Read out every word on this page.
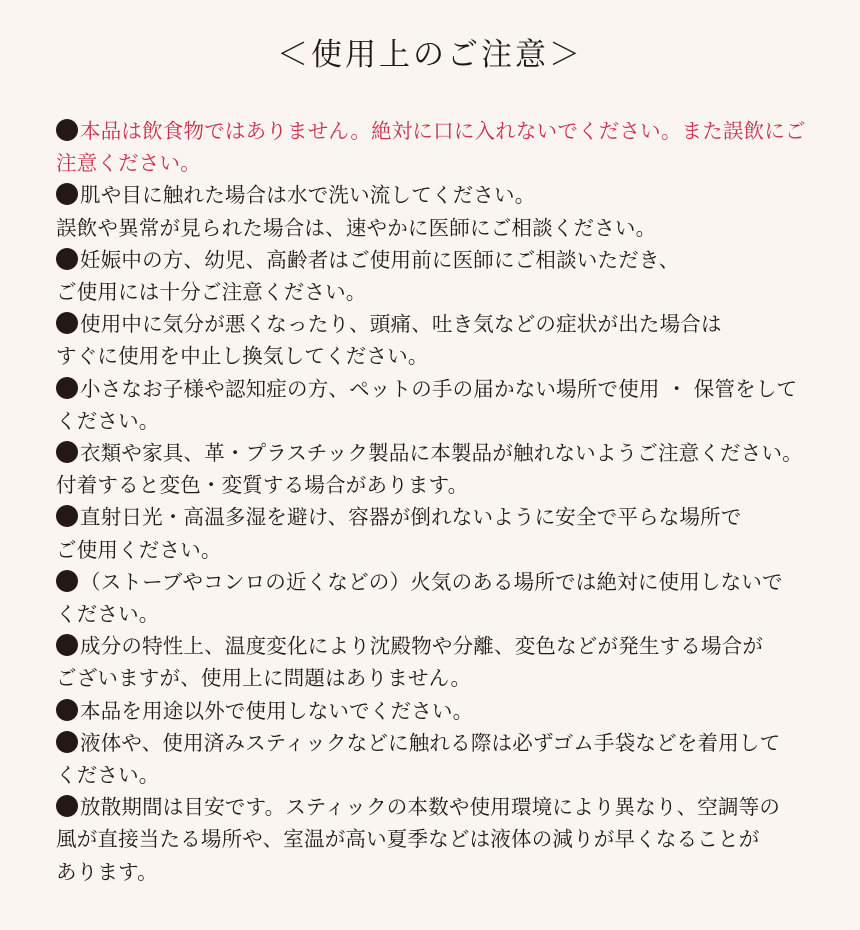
＜使用上のご注意＞
本品は飲食物ではありません。絶対に口に入れないでください。また誤飲にご
注意ください。
肌や目に触れた場合は水で洗い流してください。
誤飲や異常が見られた場合は、速やかに医師にご相談ください。
妊娠中の方、幼児、高齢者はご使用前に医師にご相談いただき、
ご使用には十分ご注意ください。
使用中に気分が悪くなったり、頭痛、吐き気などの症状が出た場合は
すぐに使用を中止し換気してください。
小さなお子様や認知症の方、ペットの手の届かない場所で使用 ・ 保管をして
ください。
衣類や家具、革・プラスチック製品に本製品が触れないようご注意ください。
付着すると変色・変質する場合があります。
直射日光・高温多湿を避け、容器が倒れないように安全で平らな場所で
ご使用ください。
（ストーブやコンロの近くなどの）火気のある場所では絶対に使用しないで
ください。
成分の特性上、温度変化により沈殿物や分離、変色などが発生する場合が
ございますが、使用上に問題はありません。
本品を用途以外で使用しないでください。
液体や、使用済みスティックなどに触れる際は必ずゴム手袋などを着用して
ください。
放散期間は目安です。スティックの本数や使用環境により異なり、空調等の
風が直接当たる場所や、室温が高い夏季などは液体の減りが早くなることが
あります。
